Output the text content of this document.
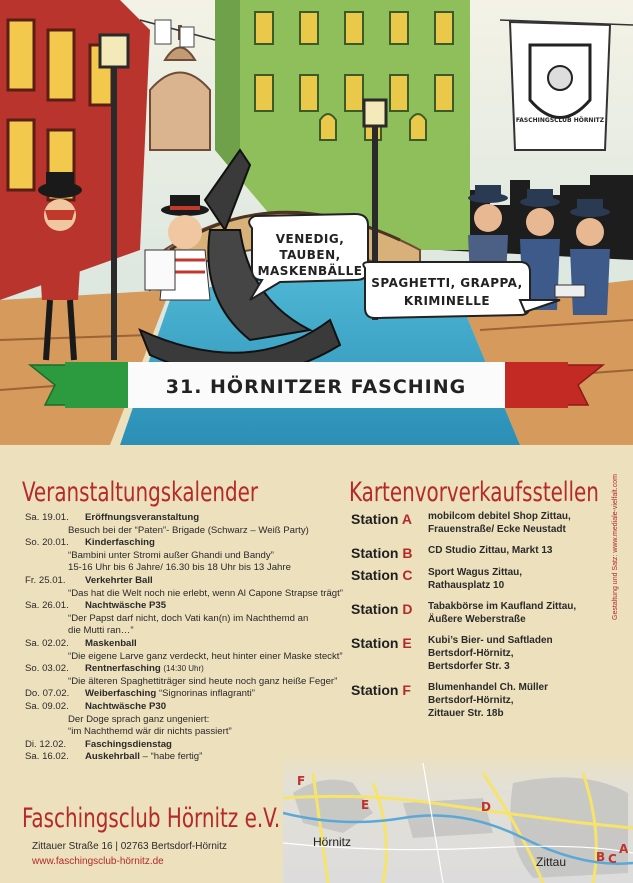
FASCHINGSCLUB HÖRNITZ
VENEDIG,
TAUBEN,
MASKENBÄLLE
SPAGHETTI, GRAPPA,
KRIMINELLE
31. HÖRNITZER FASCHING
Veranstaltungskalender	Kartenvorverkaufsstellen
Sa. 19.01.	Eröffnungsveranstaltung
Besuch bei der “Paten”- Brigade (Schwarz – Weiß Party)
So. 20.01.	Kinderfasching
“Bambini unter Stromi außer Ghandi und Bandy”
15-16 Uhr bis 6 Jahre/ 16.30 bis 18 Uhr bis 13 Jahre
Fr. 25.01.	Verkehrter Ball
“Das hat die Welt noch nie erlebt, wenn Al Capone Strapse trägt”
Sa. 26.01.	Nachtwäsche P35
“Der Papst darf nicht, doch Vati kan(n) im Nachthemd an
die Mutti ran…”
Sa. 02.02.	Maskenball
“Die eigene Larve ganz verdeckt, heut hinter einer Maske steckt”
So. 03.02.	Rentnerfasching (14:30 Uhr)
“Die älteren Spaghettiträger sind heute noch ganz heiße Feger”
Do. 07.02.	Weiberfasching “Signorinas inflagranti”
Sa. 09.02.	Nachtwäsche P30
Der Doge sprach ganz ungeniert:
“im Nachthemd wär dir nichts passiert”
Di. 12.02.	Faschingsdienstag
Sa. 16.02.	Auskehrball – “habe fertig”
Station A	mobilcom debitel Shop Zittau,
Frauenstraße/ Ecke Neustadt
Station B	CD Studio Zittau, Markt 13
Station C	Sport Wagus Zittau,
Rathausplatz 10
Station D	Tabakbörse im Kaufland Zittau,
Äußere Weberstraße
Station E	Kubi’s Bier- und Saftladen
Bertsdorf-Hörnitz,
Bertsdorfer Str. 3
Station F	Blumenhandel Ch. Müller
Bertsdorf-Hörnitz,
Zittauer Str. 18b
Gestaltung und Satz: www.mediale-vielfalt.com
Faschingsclub Hörnitz e.V.
Zittauer Straße 16 | 02763 Bertsdorf-Hörnitz
www.faschingsclub-hörnitz.de
F
E	D
B C
A
Hörnitz
Zittau
